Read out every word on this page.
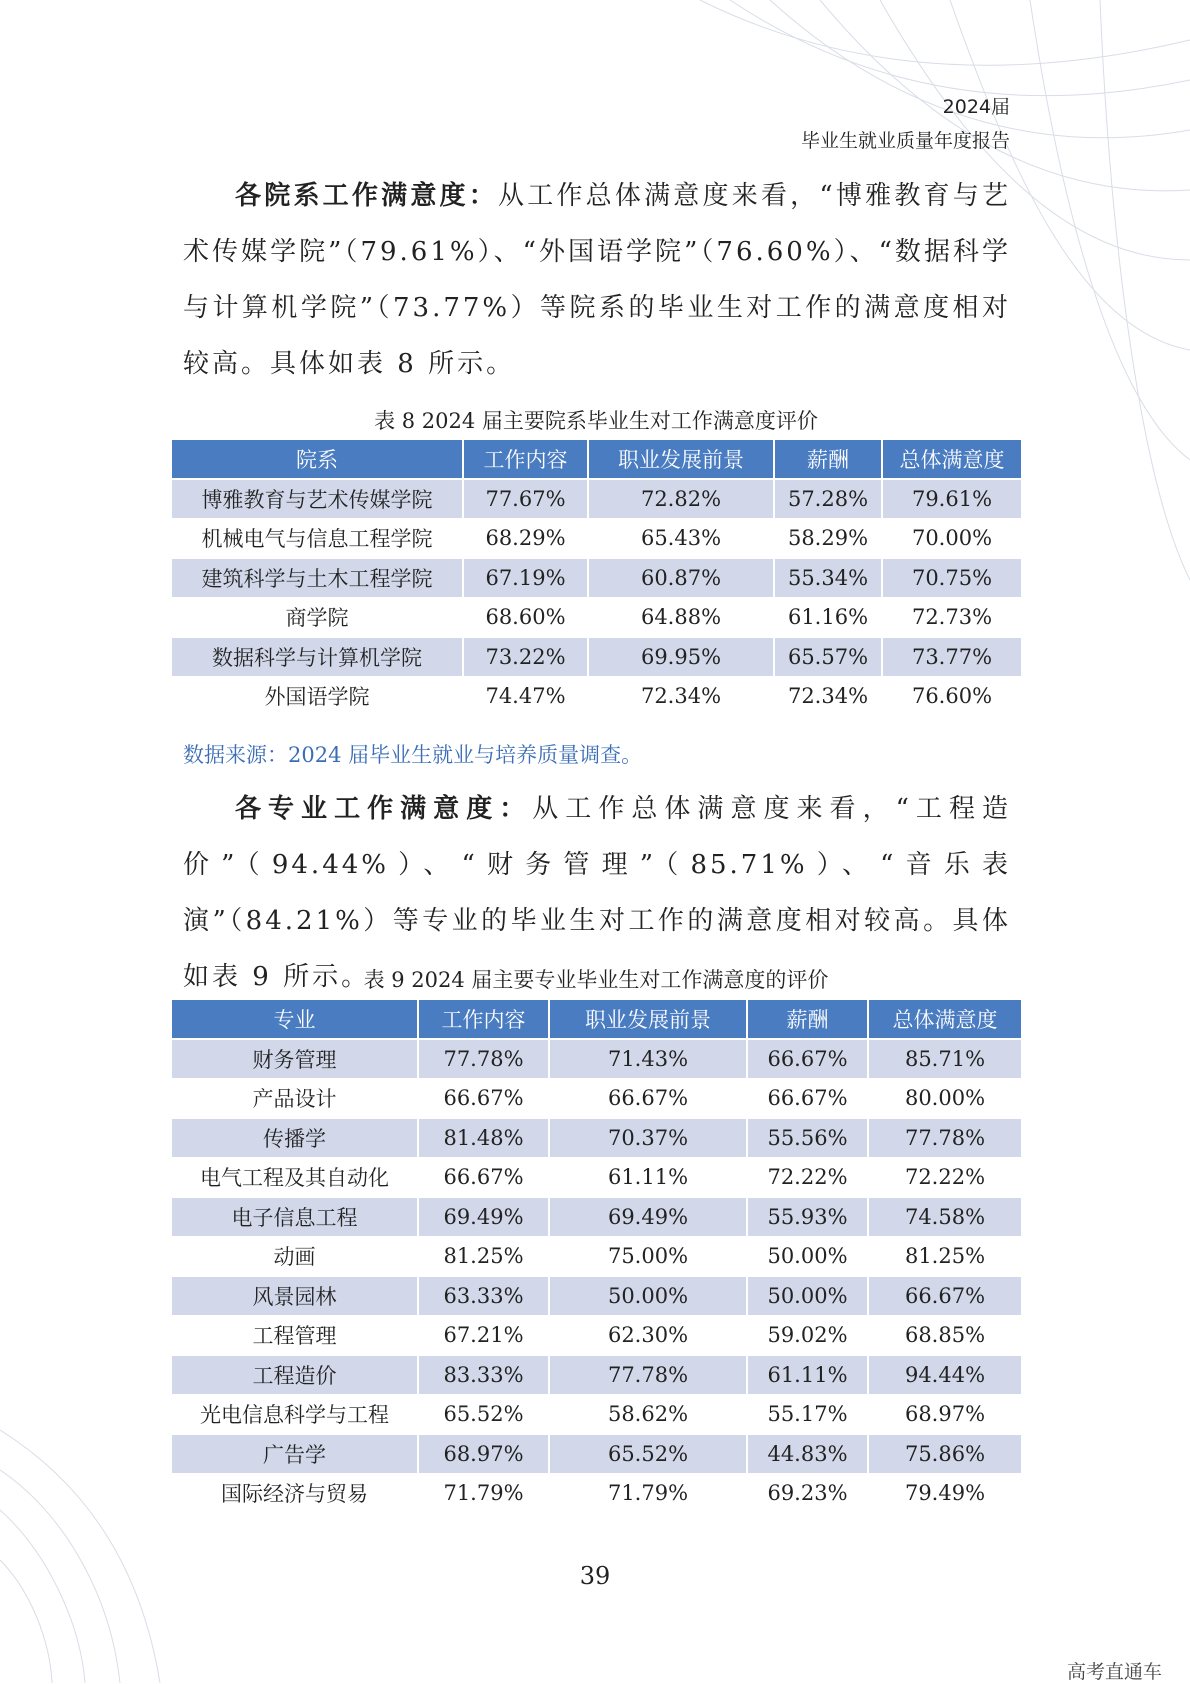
2024届
毕业生就业质量年度报告
各院系工作满意度：从工作总体满意度来看，“博雅教育与艺术传媒学院”（79.61%）、“外国语学院”（76.60%）、“数据科学与计算机学院”（73.77%）等院系的毕业生对工作的满意度相对较高。具体如表 8 所示。
表 8 2024 届主要院系毕业生对工作满意度评价
院系	工作内容	职业发展前景	薪酬	总体满意度
博雅教育与艺术传媒学院	77.67%	72.82%	57.28%	79.61%
机械电气与信息工程学院	68.29%	65.43%	58.29%	70.00%
建筑科学与土木工程学院	67.19%	60.87%	55.34%	70.75%
商学院	68.60%	64.88%	61.16%	72.73%
数据科学与计算机学院	73.22%	69.95%	65.57%	73.77%
外国语学院	74.47%	72.34%	72.34%	76.60%
数据来源：2024 届毕业生就业与培养质量调查。
各专业工作满意度：从工作总体满意度来看，“工程造价”（94.44%）、“财务管理”（85.71%）、“音乐表演”（84.21%）等专业的毕业生对工作的满意度相对较高。具体如表 9 所示。
表 9 2024 届主要专业毕业生对工作满意度的评价
专业	工作内容	职业发展前景	薪酬	总体满意度
财务管理	77.78%	71.43%	66.67%	85.71%
产品设计	66.67%	66.67%	66.67%	80.00%
传播学	81.48%	70.37%	55.56%	77.78%
电气工程及其自动化	66.67%	61.11%	72.22%	72.22%
电子信息工程	69.49%	69.49%	55.93%	74.58%
动画	81.25%	75.00%	50.00%	81.25%
风景园林	63.33%	50.00%	50.00%	66.67%
工程管理	67.21%	62.30%	59.02%	68.85%
工程造价	83.33%	77.78%	61.11%	94.44%
光电信息科学与工程	65.52%	58.62%	55.17%	68.97%
广告学	68.97%	65.52%	44.83%	75.86%
国际经济与贸易	71.79%	71.79%	69.23%	79.49%
39
高考直通车
